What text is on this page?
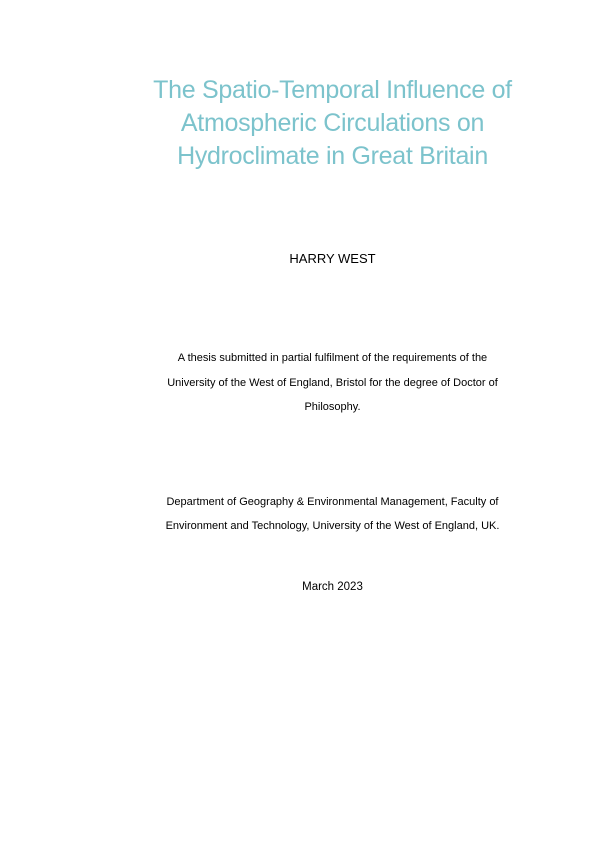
The Spatio-Temporal Influence of
Atmospheric Circulations on
Hydroclimate in Great Britain
HARRY WEST
A thesis submitted in partial fulfilment of the requirements of the
University of the West of England, Bristol for the degree of Doctor of
Philosophy.
Department of Geography & Environmental Management, Faculty of
Environment and Technology, University of the West of England, UK.
March 2023
